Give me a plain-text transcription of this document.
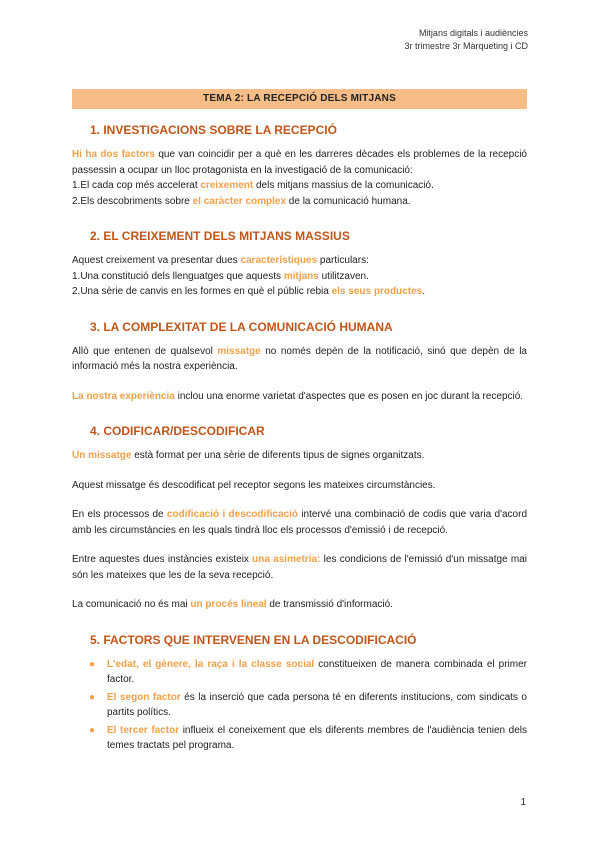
Mitjans digitals i audiències
3r trimestre 3r Màrqueting i CD
TEMA 2: LA RECEPCIÓ DELS MITJANS
1. INVESTIGACIONS SOBRE LA RECEPCIÓ

Hi ha dos factors que van coincidir per a què en les darreres dècades els problemes de la recepció passessin a ocupar un lloc protagonista en la investigació de la comunicació:

1.El cada cop més accelerat creixement dels mitjans massius de la comunicació.

2.Els descobriments sobre el caràcter complex de la comunicació humana.

2. EL CREIXEMENT DELS MITJANS MASSIUS

Aquest creixement va presentar dues característiques particulars:

1.Una constitució dels llenguatges que aquests mitjans utilitzaven.

2.Una sèrie de canvis en les formes en què el públic rebia els seus productes.

3. LA COMPLEXITAT DE LA COMUNICACIÓ HUMANA

Allò que entenen de qualsevol missatge no només depèn de la notificació, sinó que depèn de la informació més la nostra experiència.

La nostra experiència inclou una enorme varietat d'aspectes que es posen en joc durant la recepció.

4. CODIFICAR/DESCODIFICAR

Un missatge està format per una sèrie de diferents tipus de signes organitzats.

Aquest missatge és descodificat pel receptor segons les mateixes circumstàncies.

En els processos de codificació i descodificació intervé una combinació de codis que varia d'acord amb les circumstàncies en les quals tindrà lloc els processos d'emissió i de recepció.

Entre aquestes dues instàncies existeix una asimetria: les condicions de l'emissió d'un missatge mai són les mateixes que les de la seva recepció.

La comunicació no és mai un procés lineal de transmissió d'informació.

5. FACTORS QUE INTERVENEN EN LA DESCODIFICACIÓ
● L'edat, el gènere, la raça i la classe social constitueixen de manera combinada el primer factor.
● El segon factor és la inserció que cada persona té en diferents institucions, com sindicats o partits polítics.
● El tercer factor influeix el coneixement que els diferents membres de l'audiència tenien dels temes tractats pel programa.
1
